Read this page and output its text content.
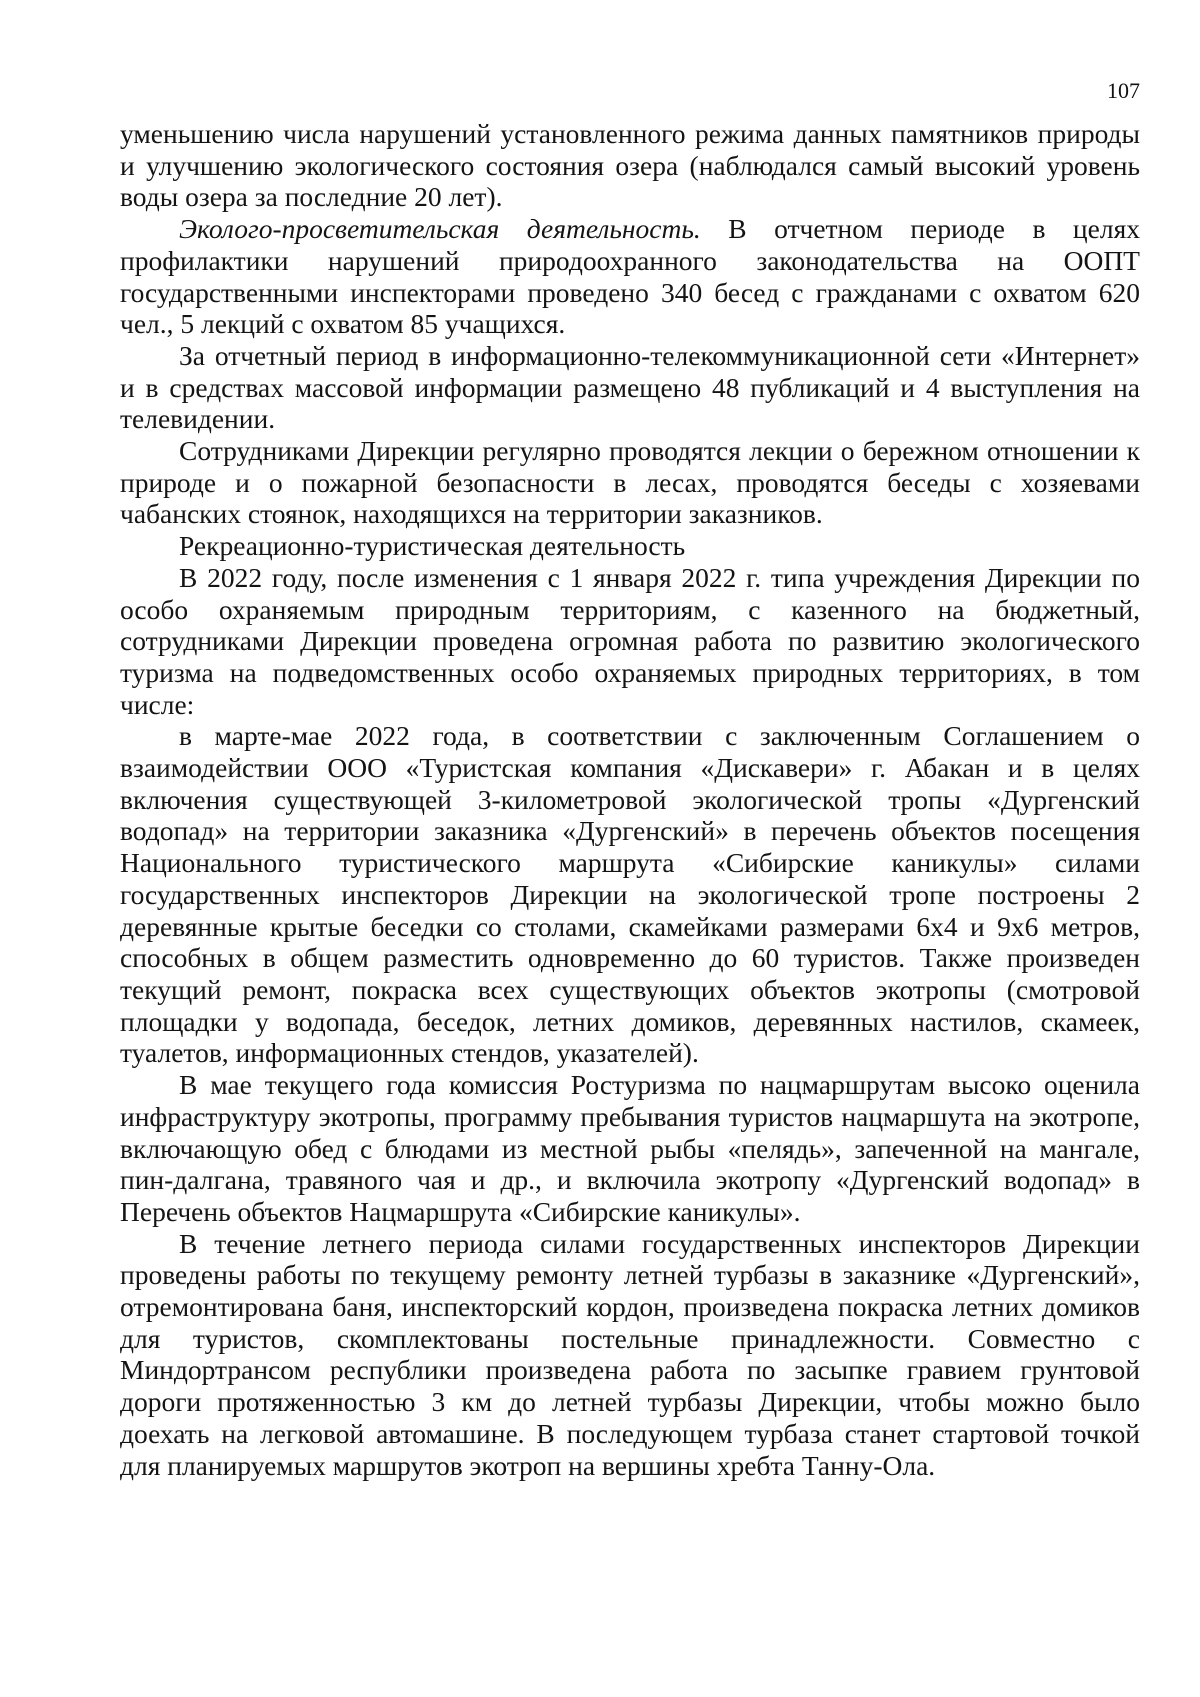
107

уменьшению числа нарушений установленного режима данных памятников природы и улучшению экологического состояния озера (наблюдался самый высокий уровень воды озера за последние 20 лет).

Эколого-просветительская деятельность. В отчетном периоде в целях профилактики нарушений природоохранного законодательства на ООПТ государственными инспекторами проведено 340 бесед с гражданами с охватом 620 чел., 5 лекций с охватом 85 учащихся.

За отчетный период в информационно-телекоммуникационной сети «Интернет» и в средствах массовой информации размещено 48 публикаций и 4 выступления на телевидении.

Сотрудниками Дирекции регулярно проводятся лекции о бережном отношении к природе и о пожарной безопасности в лесах, проводятся беседы с хозяевами чабанских стоянок, находящихся на территории заказников.

Рекреационно-туристическая деятельность

В 2022 году, после изменения с 1 января 2022 г. типа учреждения Дирекции по особо охраняемым природным территориям, с казенного на бюджетный, сотрудниками Дирекции проведена огромная работа по развитию экологического туризма на подведомственных особо охраняемых природных территориях, в том числе:

в марте-мае 2022 года, в соответствии с заключенным Соглашением о взаимодействии ООО «Туристская компания «Дискавери» г. Абакан и в целях включения существующей 3-километровой экологической тропы «Дургенский водопад» на территории заказника «Дургенский» в перечень объектов посещения Национального туристического маршрута «Сибирские каникулы» силами государственных инспекторов Дирекции на экологической тропе построены 2 деревянные крытые беседки со столами, скамейками размерами 6х4 и 9х6 метров, способных в общем разместить одновременно до 60 туристов. Также произведен текущий ремонт, покраска всех существующих объектов экотропы (смотровой площадки у водопада, беседок, летних домиков, деревянных настилов, скамеек, туалетов, информационных стендов, указателей).

В мае текущего года комиссия Ростуризма по нацмаршрутам высоко оценила инфраструктуру экотропы, программу пребывания туристов нацмаршута на экотропе, включающую обед с блюдами из местной рыбы «пелядь», запеченной на мангале, пин-далгана, травяного чая и др., и включила экотропу «Дургенский водопад» в Перечень объектов Нацмаршрута «Сибирские каникулы».

В течение летнего периода силами государственных инспекторов Дирекции проведены работы по текущему ремонту летней турбазы в заказнике «Дургенский», отремонтирована баня, инспекторский кордон, произведена покраска летних домиков для туристов, скомплектованы постельные принадлежности. Совместно с Миндортрансом республики произведена работа по засыпке гравием грунтовой дороги протяженностью 3 км до летней турбазы Дирекции, чтобы можно было доехать на легковой автомашине. В последующем турбаза станет стартовой точкой для планируемых маршрутов экотроп на вершины хребта Танну-Ола.
